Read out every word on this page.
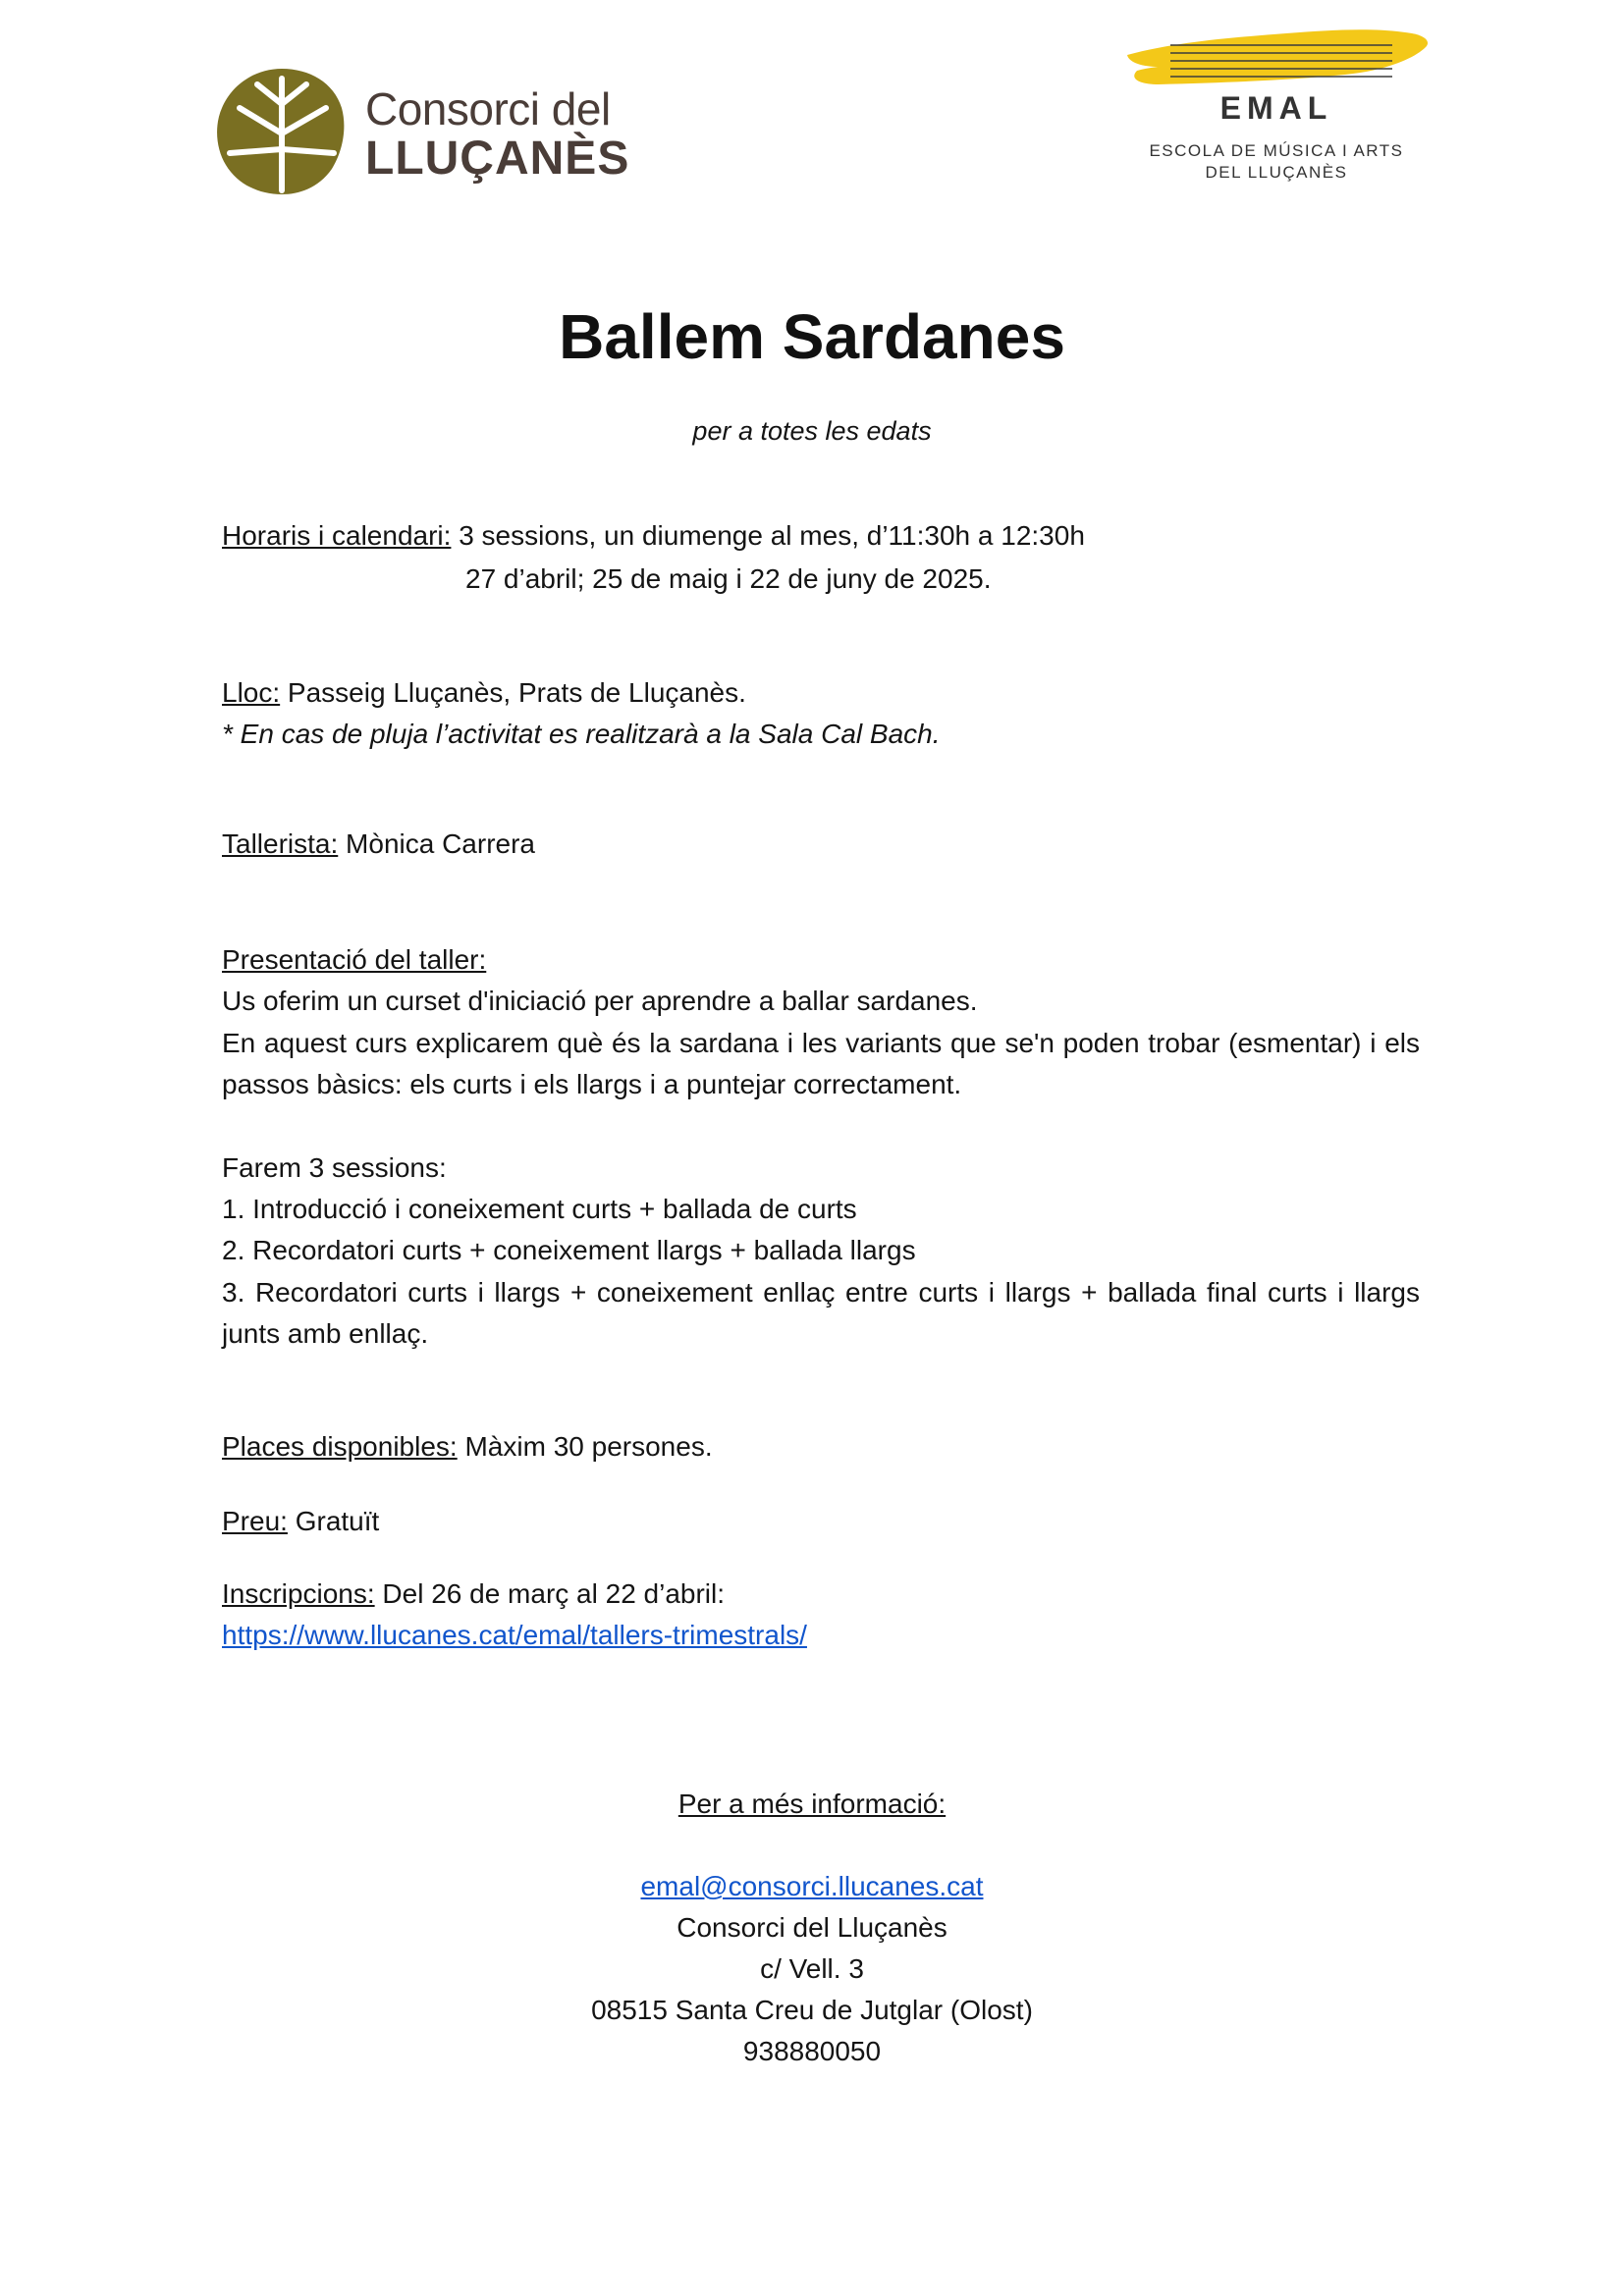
Consorci del
LLUÇANÈS
EMAL
ESCOLA DE MÚSICA I ARTS
DEL LLUÇANÈS
Ballem Sardanes
per a totes les edats
Horaris i calendari: 3 sessions, un diumenge al mes, d’11:30h a 12:30h
27 d’abril; 25 de maig i 22 de juny de 2025.
Lloc: Passeig Lluçanès, Prats de Lluçanès.
* En cas de pluja l’activitat es realitzarà a la Sala Cal Bach.
Tallerista: Mònica Carrera
Presentació del taller:
Us oferim un curset d'iniciació per aprendre a ballar sardanes.
En aquest curs explicarem què és la sardana i les variants que se'n poden trobar (esmentar) i els passos bàsics: els curts i els llargs i a puntejar correctament.
Farem 3 sessions:
1. Introducció i coneixement curts + ballada de curts
2. Recordatori curts + coneixement llargs + ballada llargs
3. Recordatori curts i llargs + coneixement enllaç entre curts i llargs + ballada final curts i llargs junts amb enllaç.
Places disponibles: Màxim 30 persones.
Preu: Gratuït
Inscripcions: Del 26 de març al 22 d’abril:
https://www.llucanes.cat/emal/tallers-trimestrals/
Per a més informació:
emal@consorci.llucanes.cat
Consorci del Lluçanès
c/ Vell. 3
08515 Santa Creu de Jutglar (Olost)
938880050
